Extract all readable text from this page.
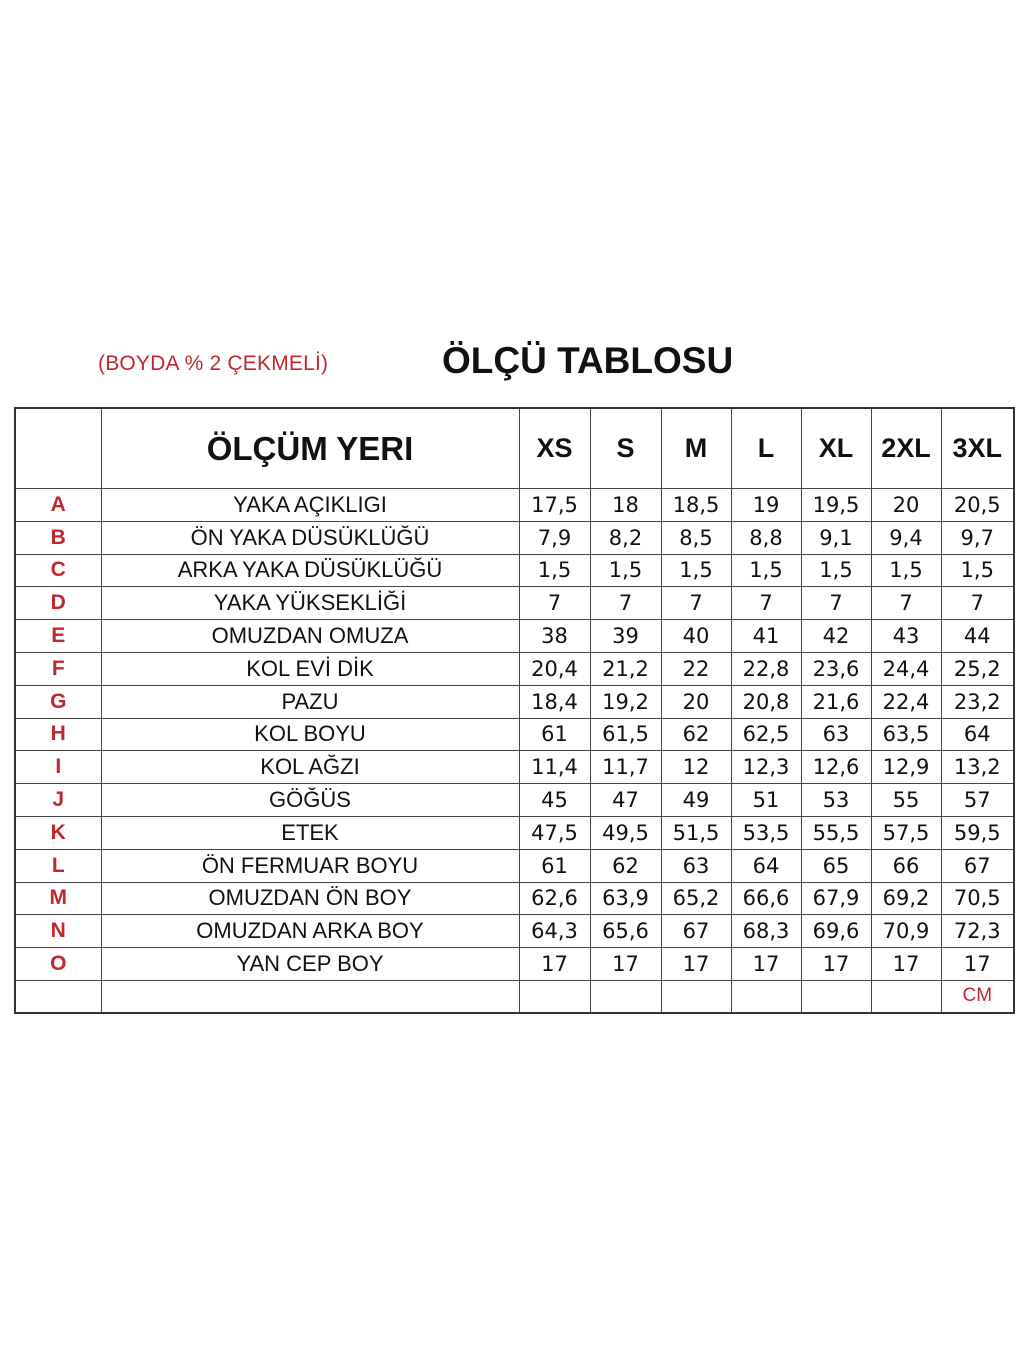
(BOYDA % 2 ÇEKMELİ)	ÖLÇÜ TABLOSU
	ÖLÇÜM YERI	XS	S	M	L	XL	2XL	3XL
A	YAKA AÇIKLIGI	17,5	18	18,5	19	19,5	20	20,5
B	ÖN YAKA DÜSÜKLÜĞÜ	7,9	8,2	8,5	8,8	9,1	9,4	9,7
C	ARKA YAKA DÜSÜKLÜĞÜ	1,5	1,5	1,5	1,5	1,5	1,5	1,5
D	YAKA YÜKSEKLİĞİ	7	7	7	7	7	7	7
E	OMUZDAN OMUZA	38	39	40	41	42	43	44
F	KOL EVİ DİK	20,4	21,2	22	22,8	23,6	24,4	25,2
G	PAZU	18,4	19,2	20	20,8	21,6	22,4	23,2
H	KOL BOYU	61	61,5	62	62,5	63	63,5	64
I	KOL AĞZI	11,4	11,7	12	12,3	12,6	12,9	13,2
J	GÖĞÜS	45	47	49	51	53	55	57
K	ETEK	47,5	49,5	51,5	53,5	55,5	57,5	59,5
L	ÖN FERMUAR BOYU	61	62	63	64	65	66	67
M	OMUZDAN ÖN BOY	62,6	63,9	65,2	66,6	67,9	69,2	70,5
N	OMUZDAN ARKA BOY	64,3	65,6	67	68,3	69,6	70,9	72,3
O	YAN CEP BOY	17	17	17	17	17	17	17
								CM
